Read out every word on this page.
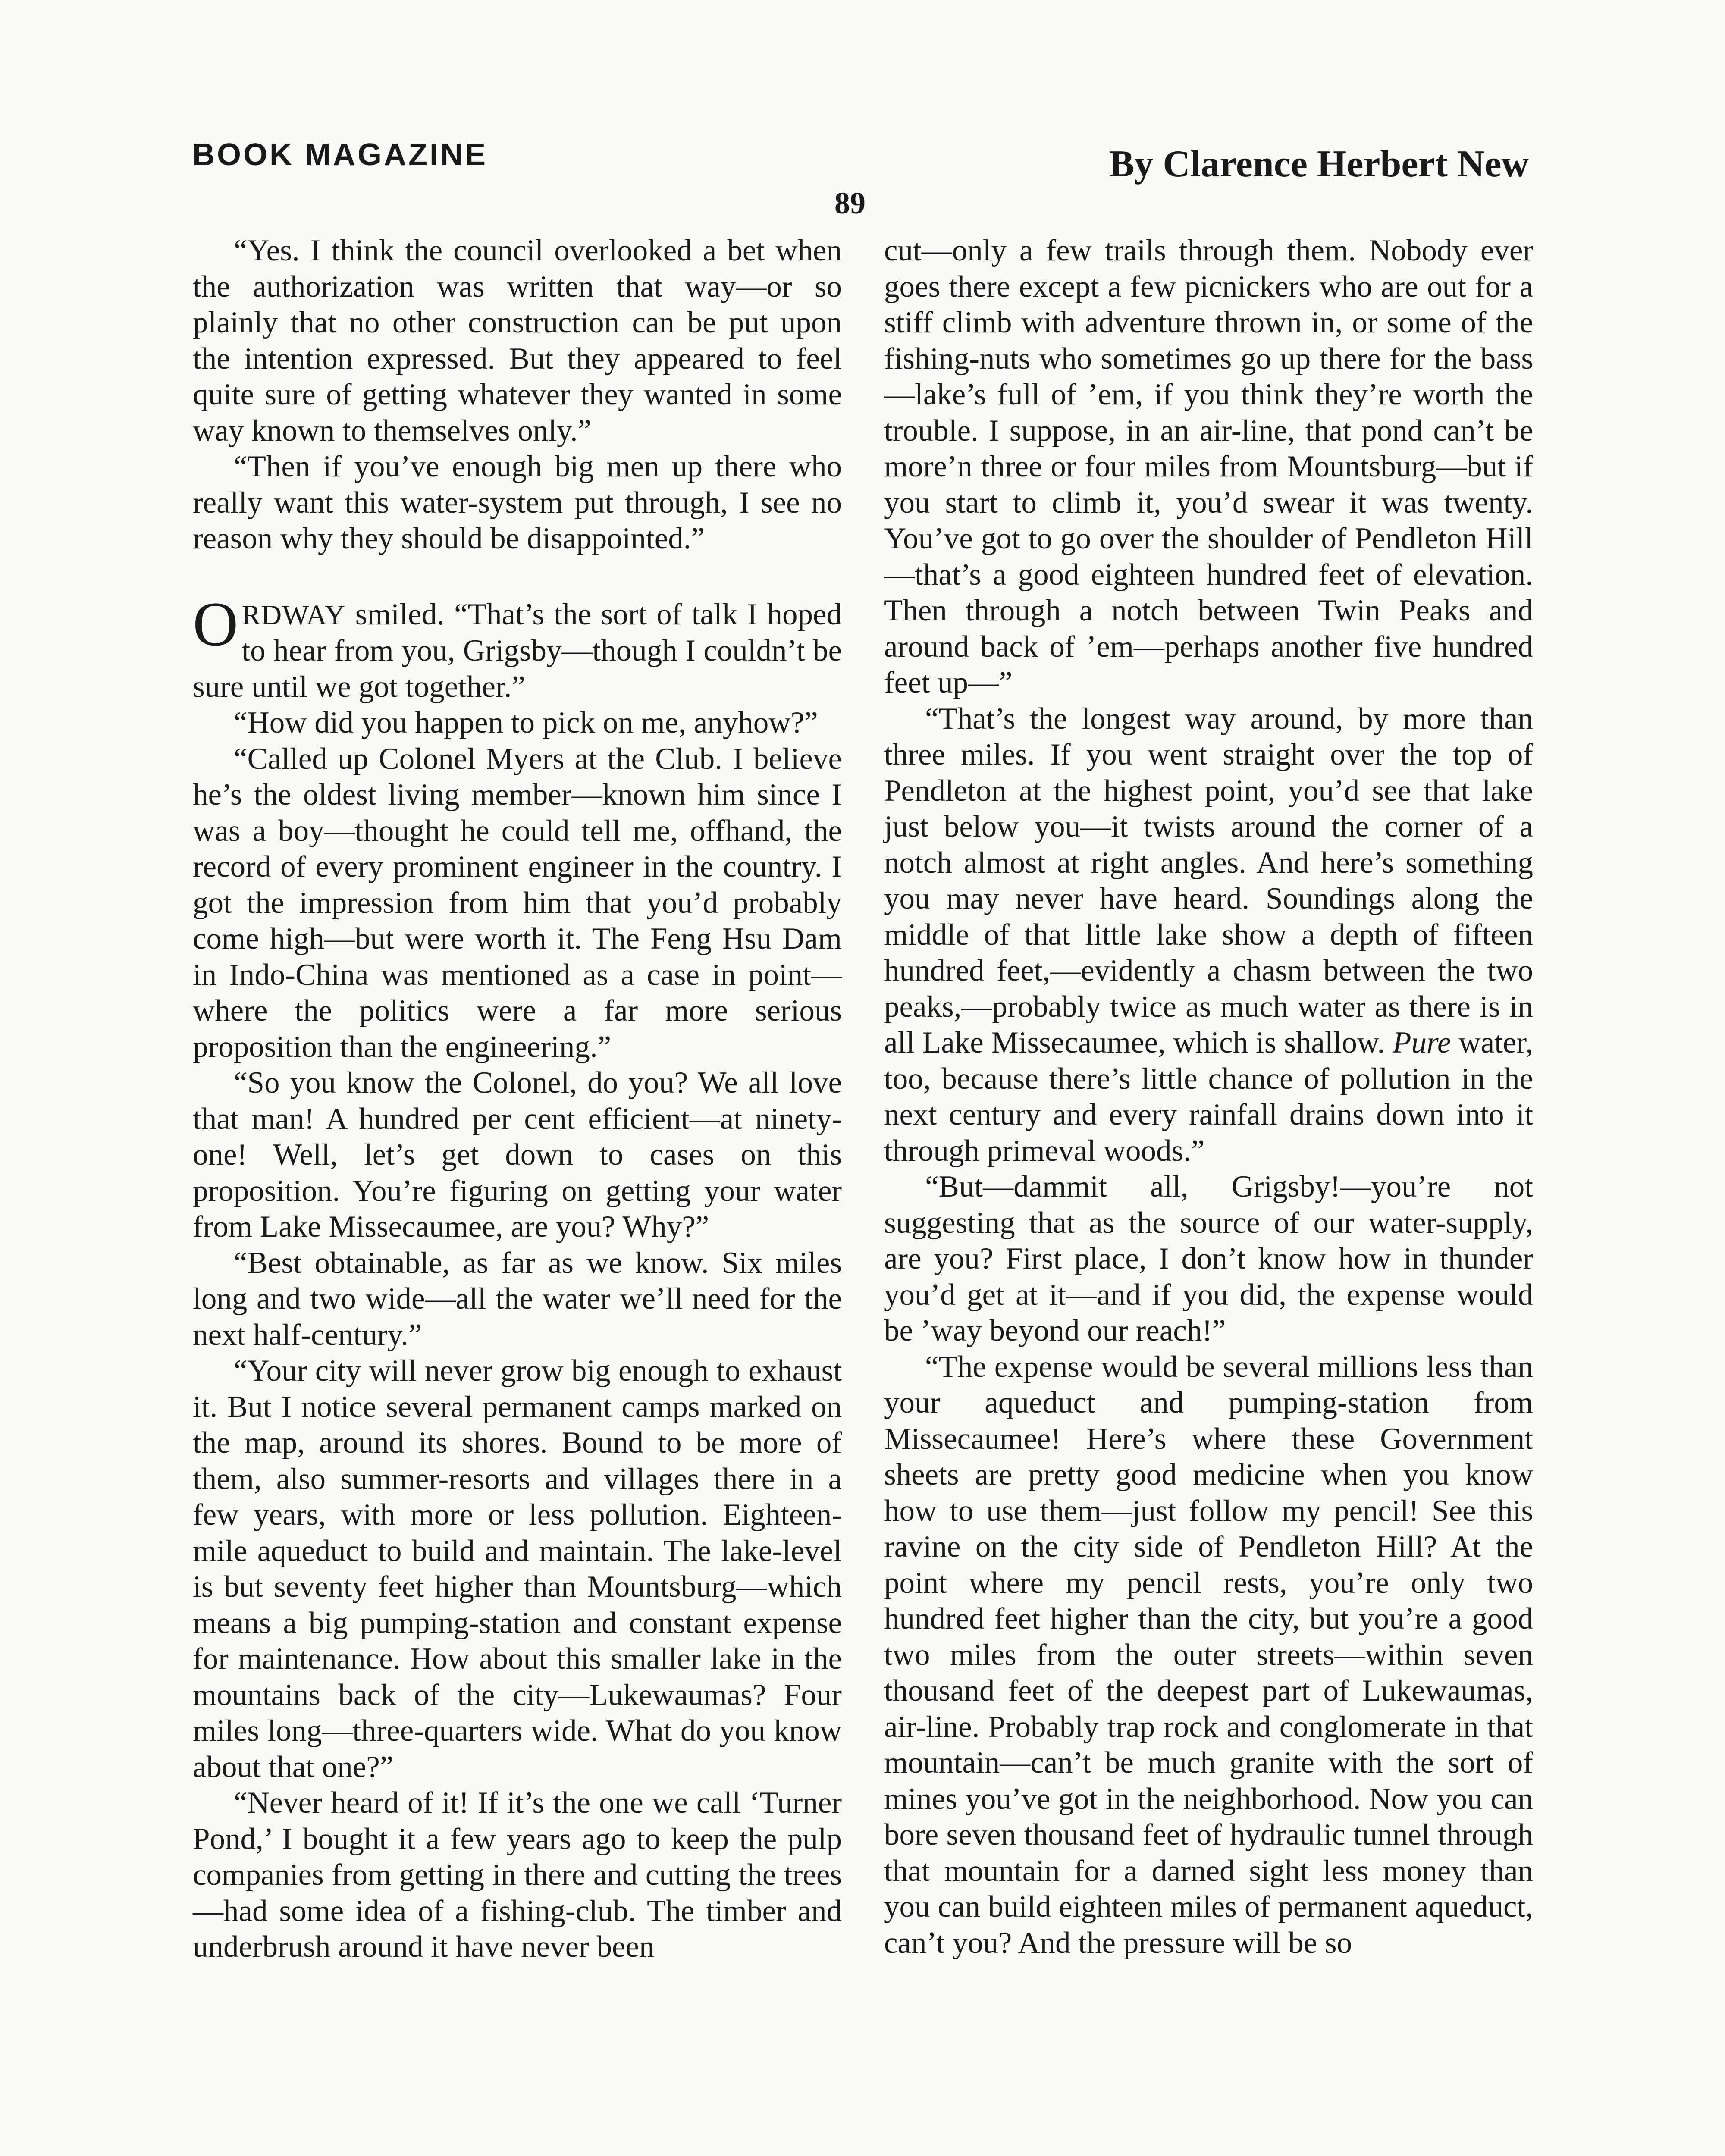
BOOK MAGAZINE	By Clarence Herbert New
89

“Yes. I think the council overlooked a bet when the authorization was written that way—or so plainly that no other construction can be put upon the intention expressed. But they appeared to feel quite sure of getting whatever they wanted in some way known to themselves only.”

“Then if you’ve enough big men up there who really want this water-system put through, I see no reason why they should be disappointed.”

ORDWAY smiled. “That’s the sort of talk I hoped to hear from you, Grigsby—though I couldn’t be sure until we got together.”

“How did you happen to pick on me, anyhow?”

“Called up Colonel Myers at the Club. I believe he’s the oldest living member—known him since I was a boy—thought he could tell me, offhand, the record of every prominent engineer in the country. I got the impression from him that you’d probably come high—but were worth it. The Feng Hsu Dam in Indo-China was mentioned as a case in point—where the politics were a far more serious proposition than the engineering.”

“So you know the Colonel, do you? We all love that man! A hundred per cent efficient—at ninety-one! Well, let’s get down to cases on this proposition. You’re figuring on getting your water from Lake Missecaumee, are you? Why?”

“Best obtainable, as far as we know. Six miles long and two wide—all the water we’ll need for the next half-century.”

“Your city will never grow big enough to exhaust it. But I notice several permanent camps marked on the map, around its shores. Bound to be more of them, also summer-resorts and villages there in a few years, with more or less pollution. Eighteen-mile aqueduct to build and maintain. The lake-level is but seventy feet higher than Mountsburg—which means a big pumping-station and constant expense for maintenance. How about this smaller lake in the mountains back of the city—Lukewaumas? Four miles long—three-quarters wide. What do you know about that one?”

“Never heard of it! If it’s the one we call ‘Turner Pond,’ I bought it a few years ago to keep the pulp companies from getting in there and cutting the trees—had some idea of a fishing-club. The timber and underbrush around it have never been

cut—only a few trails through them. Nobody ever goes there except a few picnickers who are out for a stiff climb with adventure thrown in, or some of the fishing-nuts who sometimes go up there for the bass—lake’s full of ’em, if you think they’re worth the trouble. I suppose, in an air-line, that pond can’t be more’n three or four miles from Mountsburg—but if you start to climb it, you’d swear it was twenty. You’ve got to go over the shoulder of Pendleton Hill—that’s a good eighteen hundred feet of elevation. Then through a notch between Twin Peaks and around back of ’em—perhaps another five hundred feet up—”

“That’s the longest way around, by more than three miles. If you went straight over the top of Pendleton at the highest point, you’d see that lake just below you—it twists around the corner of a notch almost at right angles. And here’s something you may never have heard. Soundings along the middle of that little lake show a depth of fifteen hundred feet,—evidently a chasm between the two peaks,—probably twice as much water as there is in all Lake Missecaumee, which is shallow. Pure water, too, because there’s little chance of pollution in the next century and every rainfall drains down into it through primeval woods.”

“But—dammit all, Grigsby!—you’re not suggesting that as the source of our water-supply, are you? First place, I don’t know how in thunder you’d get at it—and if you did, the expense would be ’way beyond our reach!”

“The expense would be several millions less than your aqueduct and pumping-station from Missecaumee! Here’s where these Government sheets are pretty good medicine when you know how to use them—just follow my pencil! See this ravine on the city side of Pendleton Hill? At the point where my pencil rests, you’re only two hundred feet higher than the city, but you’re a good two miles from the outer streets—within seven thousand feet of the deepest part of Lukewaumas, air-line. Probably trap rock and conglomerate in that mountain—can’t be much granite with the sort of mines you’ve got in the neighborhood. Now you can bore seven thousand feet of hydraulic tunnel through that mountain for a darned sight less money than you can build eighteen miles of permanent aqueduct, can’t you? And the pressure will be so
